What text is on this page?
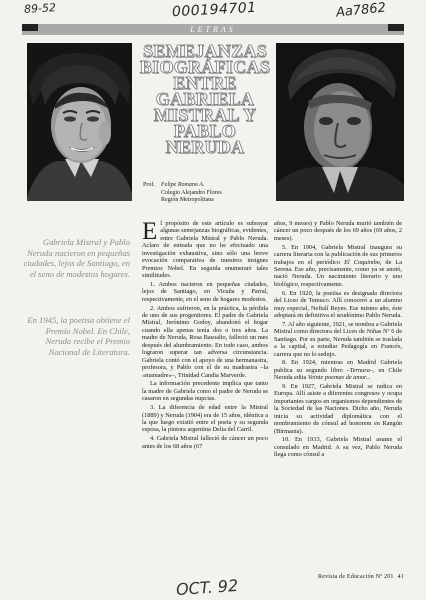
89-52	000194701	Aa7862
LETRAS
SEMEJANZAS
BIOGRÁFICAS
ENTRE
GABRIELA
MISTRAL Y
PABLO
NERUDA
Prof.	Felipe Romano A.
Colegio Alejandro Flores
Región Metropolitana
Gabriela Mistral y Pablo Neruda nacieron en pequeñas ciudades, lejos de Santiago, en el seno de modestos hogares.
En 1945, la poetisa obtiene el Premio Nobel. En Chile, Neruda recibe el Premio Nacional de Literatura.

El propósito de este artículo es subrayar algunas semejanzas biográficas, evidentes, entre Gabriela Mistral y Pablo Neruda. Aclaro de entrada que no he efectuado una investigación exhaustiva, sino sólo una breve evocación comparativa de nuestros insignes Premios Nobel. En seguida enumeraré tales similitudes.

1. Ambos nacieron en pequeñas ciudades, lejos de Santiago, en Vicuña y Parral, respectivamente, en el seno de hogares modestos.

2. Ambos sufrieron, en la práctica, la pérdida de uno de sus progenitores. El padre de Gabriela Mistral, Jerónimo Godoy, abandonó el hogar cuando ella apenas tenía dos o tres años. La madre de Neruda, Rosa Basoalto, falleció un mes después del alumbramiento. En todo caso, ambos lograron superar tan adversa circunstancia. Gabriela contó con el apoyo de una hermanastra, profesora, y Pablo con el de su madrastra –la «mamadre»–, Trinidad Candia Marverde.

La información precedente implica que tanto la madre de Gabriela como el padre de Neruda se casaron en segundas nupcias.

3. La diferencia de edad entre la Mistral (1889) y Neruda (1904) era de 15 años, idéntica a la que luego existió entre el poeta y su segunda esposa, la pintora argentina Delia del Carril.

4. Gabriela Mistral falleció de cáncer un poco antes de los 68 años (67

años, 9 meses) y Pablo Neruda murió también de cáncer un poco después de los 69 años (69 años, 2 meses).

5. En 1904, Gabriela Mistral inaugura su carrera literaria con la publicación de sus primeros trabajos en el periódico El Coquimbo, de La Serena. Ese año, precisamente, como ya se anotó, nació Neruda. Un nacimiento literario y uno biológico, respectivamente.

6. En 1920, la poetisa es designada directora del Liceo de Temuco. Allí conoceró a un alumno muy especial, Neftalí Reyes. Ese mismo año, éste adoptará en definitiva el seudónimo Pablo Neruda.

7. Al año siguiente, 1921, se nombra a Gabriela Mistral como directora del Liceo de Niñas Nº 6 de Santiago. Por su parte, Neruda también se traslada a la capital, a estudiar Pedagogía en Francés, carrera que no lo sedujo.

8. En 1924, mientras en Madrid Gabriela publica su segundo libro –Ternura–, en Chile Neruda edita Veinte poemas de amor...

9. En 1927, Gabriela Mistral se radica en Europa. Allí asiste a diferentes congresos y ocupa importantes cargos en organismos dependientes de la Sociedad de las Naciones. Dicho año, Neruda inicia su actividad diplomática con el nombramiento de cónsul ad honorem en Rangún (Birmania).

10. En 1933, Gabriela Mistral asume el consulado en Madrid. A su vez, Pablo Neruda llega como cónsul a

Revista de Educación Nº 201 41
OCT. 92
